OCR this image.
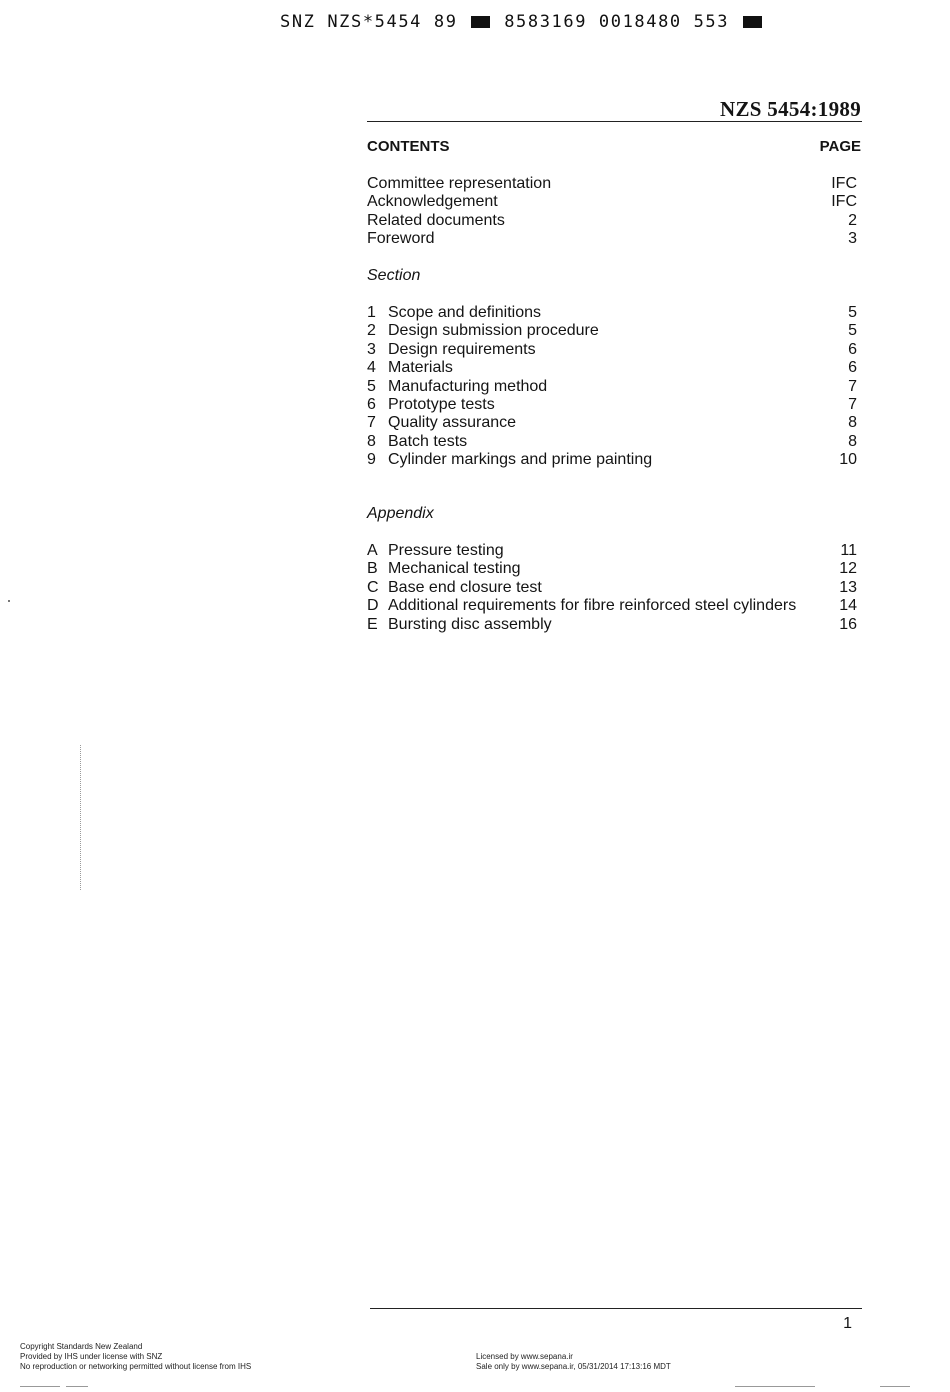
SNZ NZS*5454 89	8583169 0018480 553
NZS 5454:1989
CONTENTS	PAGE
Committee representation	IFC
Acknowledgement	IFC
Related documents	2
Foreword	3
Section
1 Scope and definitions	5
2 Design submission procedure	5
3 Design requirements	6
4 Materials	6
5 Manufacturing method	7
6 Prototype tests	7
7 Quality assurance	8
8 Batch tests	8
9 Cylinder markings and prime painting	10
Appendix
A Pressure testing	11
B Mechanical testing	12
C Base end closure test	13
D Additional requirements for fibre reinforced steel cylinders	14
E Bursting disc assembly	16
1
Copyright Standards New Zealand
Provided by IHS under license with SNZ
No reproduction or networking permitted without license from IHS
Licensed by www.sepana.ir
Sale only by www.sepana.ir, 05/31/2014 17:13:16 MDT
